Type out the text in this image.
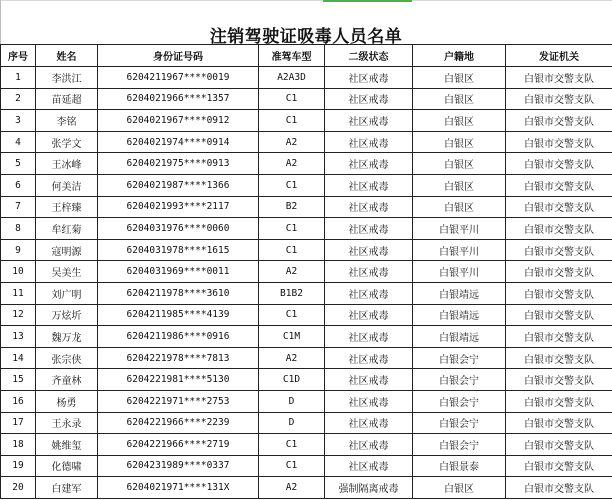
注销驾驶证吸毒人员名单
序号	姓名	身份证号码	准驾车型	二级状态	户籍地	发证机关
1	李洪江	6204211967****0019	A2A3D	社区戒毒	白银区	白银市交警支队
2	苗延超	6204021966****1357	C1	社区戒毒	白银区	白银市交警支队
3	李铭	6204021967****0912	C1	社区戒毒	白银区	白银市交警支队
4	张学文	6204021974****0914	A2	社区戒毒	白银区	白银市交警支队
5	王冰峰	6204021975****0913	A2	社区戒毒	白银区	白银市交警支队
6	何美洁	6204021987****1366	C1	社区戒毒	白银区	白银市交警支队
7	王梓臻	6204021993****2117	B2	社区戒毒	白银区	白银市交警支队
8	牟红菊	6204031976****0060	C1	社区戒毒	白银平川	白银市交警支队
9	寇明源	6204031978****1615	C1	社区戒毒	白银平川	白银市交警支队
10	吴美生	6204031969****0011	A2	社区戒毒	白银平川	白银市交警支队
11	刘广明	6204211978****3610	B1B2	社区戒毒	白银靖远	白银市交警支队
12	万炫圻	6204211985****4139	C1	社区戒毒	白银靖远	白银市交警支队
13	魏万龙	6204211986****0916	C1M	社区戒毒	白银靖远	白银市交警支队
14	张宗侠	6204221978****7813	A2	社区戒毒	白银会宁	白银市交警支队
15	齐童林	6204221981****5130	C1D	社区戒毒	白银会宁	白银市交警支队
16	杨勇	6204221971****2753	D	社区戒毒	白银会宁	白银市交警支队
17	王永录	6204221966****2239	D	社区戒毒	白银会宁	白银市交警支队
18	姚维玺	6204221966****2719	C1	社区戒毒	白银会宁	白银市交警支队
19	化德啸	6204231989****0337	C1	社区戒毒	白银景泰	白银市交警支队
20	白建军	6204021971****131X	A2	强制隔离戒毒	白银区	白银市交警支队
